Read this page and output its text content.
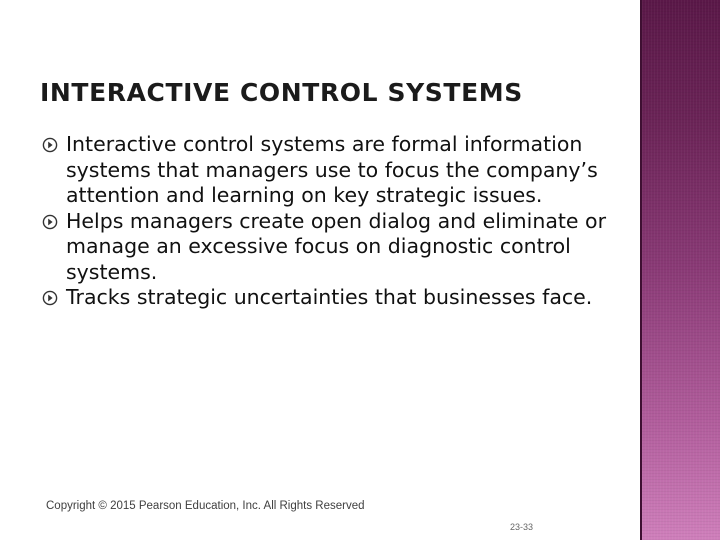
INTERACTIVE CONTROL SYSTEMS
Interactive control systems are formal information systems that managers use to focus the company’s attention and learning on key strategic issues.
Helps managers create open dialog and eliminate or manage an excessive focus on diagnostic control systems.
Tracks strategic uncertainties that businesses face.
Copyright © 2015 Pearson Education, Inc. All Rights Reserved
23-33
